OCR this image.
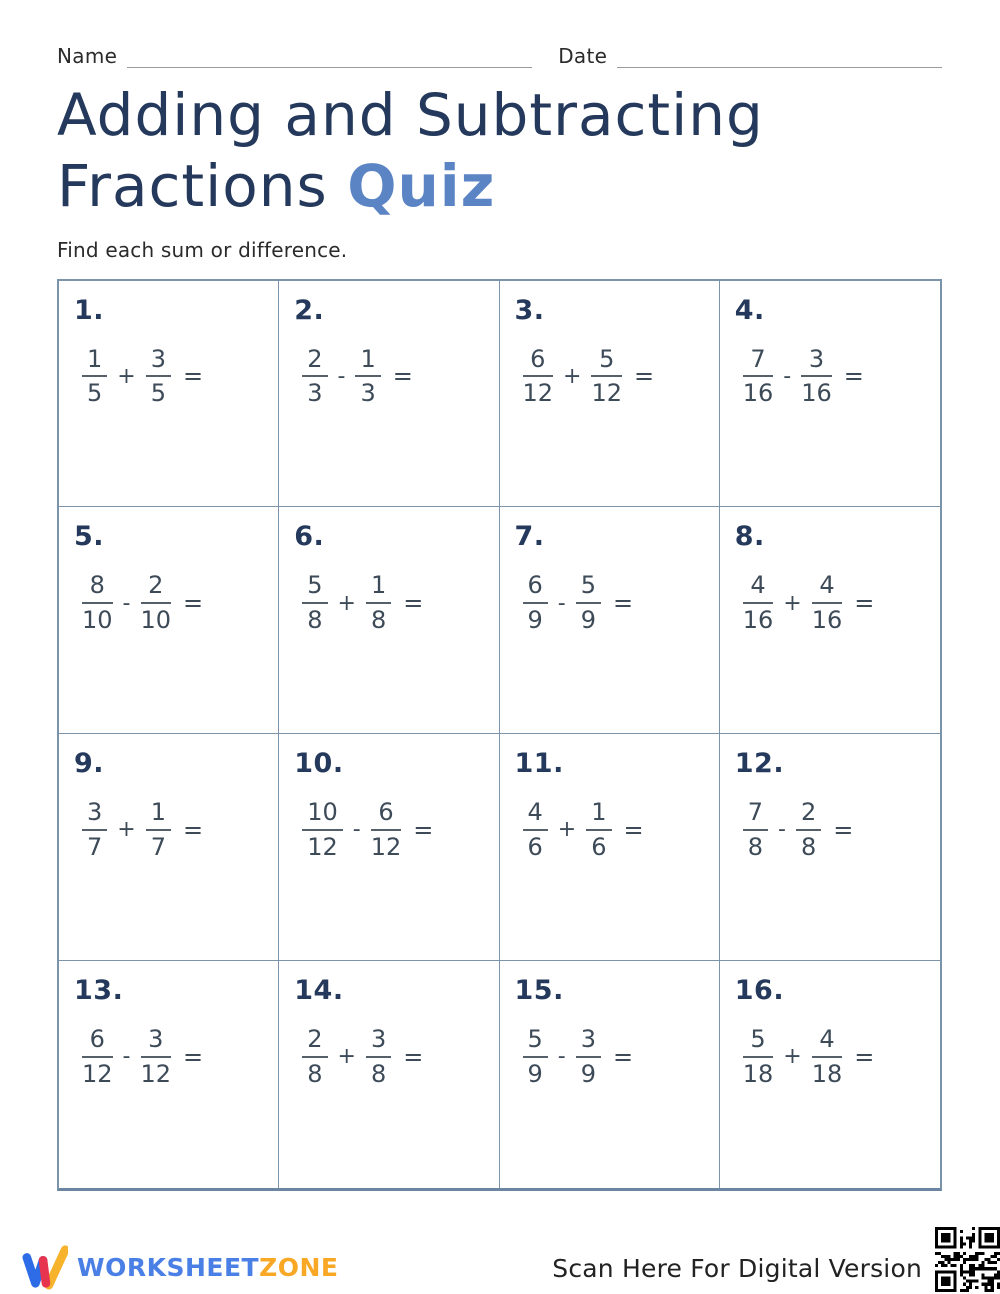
Name	Date
Adding and Subtracting
Fractions Quiz
Find each sum or difference.
1.
$\frac{1}{5} + \frac{3}{5}$ =
2.
$\frac{2}{3} - \frac{1}{3}$ =
3.
$\frac{6}{12} + \frac{5}{12}$ =
4.
$\frac{7}{16} - \frac{3}{16}$ =
5.
$\frac{8}{10} - \frac{2}{10}$ =
6.
$\frac{5}{8} + \frac{1}{8}$ =
7.
$\frac{6}{9} - \frac{5}{9}$ =
8.
$\frac{4}{16} + \frac{4}{16}$ =
9.
$\frac{3}{7} + \frac{1}{7}$ =
10.
$\frac{10}{12} - \frac{6}{12}$ =
11.
$\frac{4}{6} + \frac{1}{6}$ =
12.
$\frac{7}{8} - \frac{2}{8}$ =
13.
$\frac{6}{12} - \frac{3}{12}$ =
14.
$\frac{2}{8} + \frac{3}{8}$ =
15.
$\frac{5}{9} - \frac{3}{9}$ =
16.
$\frac{5}{18} + \frac{4}{18}$ =
WORKSHEETZONE	Scan Here For Digital Version
